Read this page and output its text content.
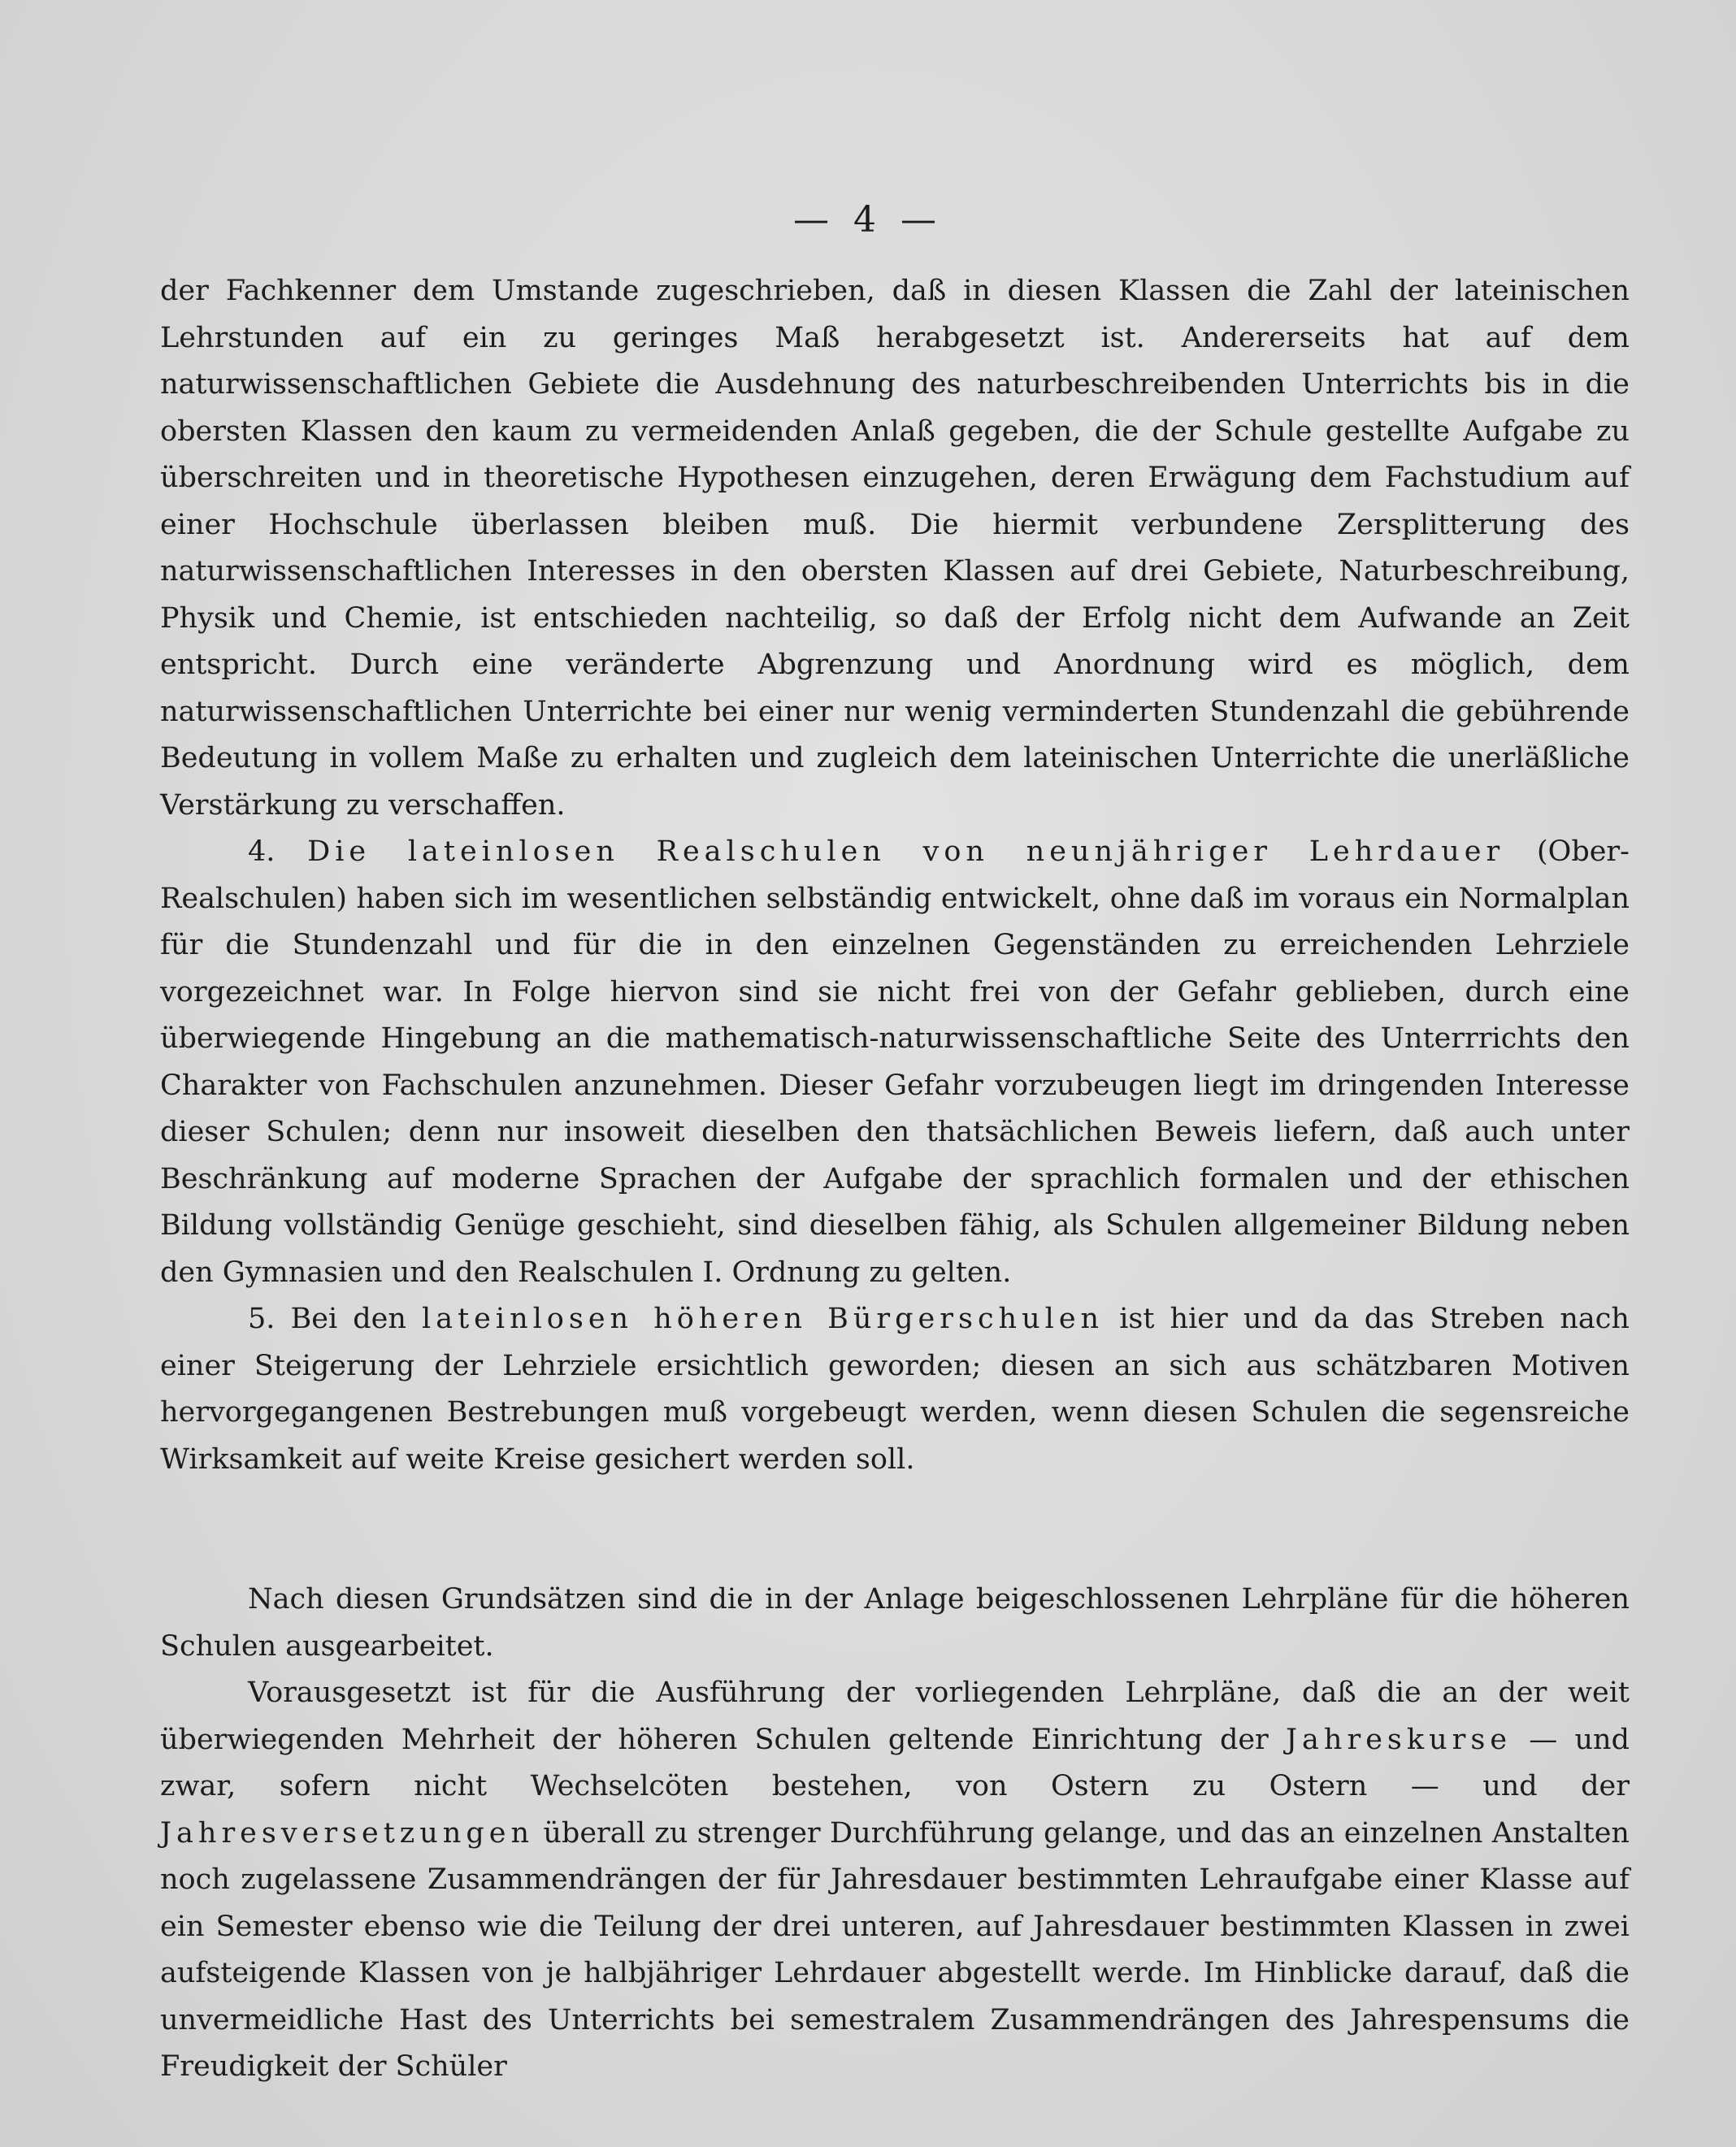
— 4 —

der Fachkenner dem Umstande zugeschrieben, daß in diesen Klassen die Zahl der lateinischen Lehrstunden auf ein zu geringes Maß herabgesetzt ist. Andererseits hat auf dem naturwissenschaftlichen Gebiete die Ausdehnung des naturbeschreibenden Unterrichts bis in die obersten Klassen den kaum zu vermeidenden Anlaß gegeben, die der Schule gestellte Aufgabe zu überschreiten und in theoretische Hypothesen einzugehen, deren Erwägung dem Fachstudium auf einer Hochschule überlassen bleiben muß. Die hiermit verbundene Zersplitterung des naturwissenschaftlichen Interesses in den obersten Klassen auf drei Gebiete, Naturbeschreibung, Physik und Chemie, ist entschieden nachteilig, so daß der Erfolg nicht dem Aufwande an Zeit entspricht. Durch eine veränderte Abgrenzung und Anordnung wird es möglich, dem naturwissenschaftlichen Unterrichte bei einer nur wenig verminderten Stundenzahl die gebührende Bedeutung in vollem Maße zu erhalten und zugleich dem lateinischen Unterrichte die unerläßliche Verstärkung zu verschaffen.

4. Die lateinlosen Realschulen von neunjähriger Lehrdauer (Ober-Realschulen) haben sich im wesentlichen selbständig entwickelt, ohne daß im voraus ein Normalplan für die Stundenzahl und für die in den einzelnen Gegenständen zu erreichenden Lehrziele vorgezeichnet war. In Folge hiervon sind sie nicht frei von der Gefahr geblieben, durch eine überwiegende Hingebung an die mathematisch-naturwissenschaftliche Seite des Unterrrichts den Charakter von Fachschulen anzunehmen. Dieser Gefahr vorzubeugen liegt im dringenden Interesse dieser Schulen; denn nur insoweit dieselben den thatsächlichen Beweis liefern, daß auch unter Beschränkung auf moderne Sprachen der Aufgabe der sprachlich formalen und der ethischen Bildung vollständig Genüge geschieht, sind dieselben fähig, als Schulen allgemeiner Bildung neben den Gymnasien und den Realschulen I. Ordnung zu gelten.

5. Bei den lateinlosen höheren Bürgerschulen ist hier und da das Streben nach einer Steigerung der Lehrziele ersichtlich geworden; diesen an sich aus schätzbaren Motiven hervorgegangenen Bestrebungen muß vorgebeugt werden, wenn diesen Schulen die segensreiche Wirksamkeit auf weite Kreise gesichert werden soll.

Nach diesen Grundsätzen sind die in der Anlage beigeschlossenen Lehrpläne für die höheren Schulen ausgearbeitet.

Vorausgesetzt ist für die Ausführung der vorliegenden Lehrpläne, daß die an der weit überwiegenden Mehrheit der höheren Schulen geltende Einrichtung der Jahreskurse — und zwar, sofern nicht Wechselcöten bestehen, von Ostern zu Ostern — und der Jahresversetzungen überall zu strenger Durchführung gelange, und das an einzelnen Anstalten noch zugelassene Zusammendrängen der für Jahresdauer bestimmten Lehraufgabe einer Klasse auf ein Semester ebenso wie die Teilung der drei unteren, auf Jahresdauer bestimmten Klassen in zwei aufsteigende Klassen von je halbjähriger Lehrdauer abgestellt werde. Im Hinblicke darauf, daß die unvermeidliche Hast des Unterrichts bei semestralem Zusammendrängen des Jahrespensums die Freudigkeit der Schüler
